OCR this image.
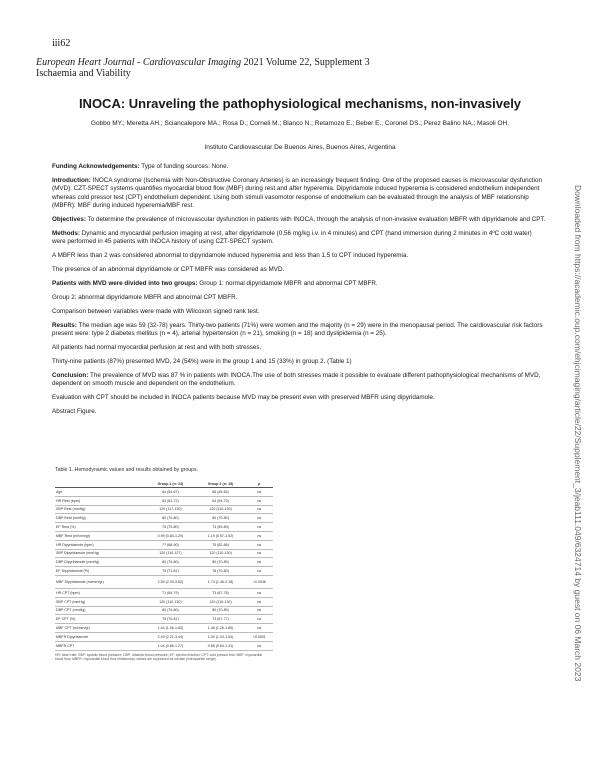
iii62
European Heart Journal - Cardiovascular Imaging 2021 Volume 22, Supplement 3
Ischaemia and Viability
INOCA: Unraveling the pathophysiological mechanisms, non-invasively
Gobbo MY.; Meretta AH.; Sciancalepore MA.; Rosa D.; Corneli M.; Blanco N.; Retamozo E.; Beber E.; Coronel DS.; Perez Balino NA.; Masoli OH.
Instituto Cardiovascular De Buenos Aires, Buenos Aires, Argentina

Funding Acknowledgements: Type of funding sources: None.

Introduction: INOCA syndrome (Ischemia with Non-Obstructive Coronary Arteries) is an increasingly frequent finding. One of the proposed causes is microvascular dysfunction (MVD). CZT-SPECT systems quantifies myocardial blood flow (MBF) during rest and after hyperemia. Dipyridamole induced hyperemia is considered endothelium independent whereas cold pressor test (CPT) endothelium dependent. Using both stimuli vasomotor response of endothelium can be evaluated through the analysis of MBF relationship (MBFR): MBF during induced hyperemia/MBF rest.

Objectives: To determine the prevalence of microvascular dysfunction in patients with INOCA, through the analysis of non-invasive evaluation MBFR with dipyridamole and CPT.

Methods: Dynamic and myocardial perfusion imaging at rest, after dipyridamole (0,56 mg/kg i.v. in 4 minutes) and CPT (hand immersion during 2 minutes in 4ºC cold water) were performed in 45 patients with INOCA history of using CZT-SPECT system.

A MBFR less than 2 was considered abnormal to dipyridamole induced hyperemia and less than 1.5 to CPT induced hyperemia.

The presence of an abnormal dipyridamole or CPT MBFR was considered as MVD.

Patients with MVD were divided into two groups: Group 1: normal dipyridamole MBFR and abnormal CPT MBFR.

Group 2: abnormal dipyridamole MBFR and abnormal CPT MBFR.

Comparison between variables were made with Wilcoxon signed rank test.

Results: The median age was 59 (32-78) years. Thirty-two patients (71%) were women and the majority (n = 29) were in the menopausal period. The cardiovascular risk factors present were: type 2 diabetes mellitus (n = 4), arterial hypertension (n = 21), smoking (n = 18) and dyslipidemia (n = 25).

All patients had normal myocardial perfusion at rest and with both stresses.

Thirty-nine patients (87%) presented MVD, 24 (54%) were in the group 1 and 15 (33%) in group 2. (Table 1)

Conclusion: The prevalence of MVD was 87 % in patients with INOCA.The use of both stresses made it possible to evaluate different pathophysiological mechanisms of MVD, dependent on smooth muscle and dependent on the endothelium.

Evaluation with CPT should be included in INOCA patients because MVD may be present even with preserved MBFR using dipyridamole.

Abstract Figure.	Downloaded from https://academic.oup.com/ehjcimaging/article/22/Supplement_3/jeab111.049/6324714 by guest on 06 March 2023
Table 1. Hemodynamic values and results obtained by groups.
	Group 1 (n: 24)	Group 2 (n: 15)	p
Age	64 (54-67)	56 (45-64)	ns
HR Rest (bpm)	63 (61-72)	64 (54-70)	ns
SBP Rest (mmHg)	120 (117-130)	120 (110-130)	ns
DBP Rest (mmHg)	80 (70-80)	80 (70-80)	ns
EF Rest (%)	75 (70-80)	74 (69-80)	ns
MBF Rest (ml/min/gr)	0.99 (0.84-1.29)	1.19 (0.97-1.52)	ns
HR Dipyridamole (bpm)	77 (68-90)	75 (62-86)	ns
SBP Dipyridamole (mmHg)	120 (110-127)	120 (110-130)	ns
DBP Dipyridamole (mmHg)	80 (70-80)	80 (70-80)	ns
EF Dipyridamole (%)	75 (71-81)	78 (70-80)	ns
MBF Dipyridamole (ml/min/gr)	2.59 (2.33-3.82)	1.74 (1.45-2.18)	<0.0036
HR CPT (bpm)	71 (64-79)	73 (67-76)	ns
SBP CPT (mmHg)	120 (110-130)	120 (110-130)	ns
DBP CPT (mmHg)	80 (70-80)	80 (70-80)	ns
EF CPT (%)	75 (70-81)	73 (67-77)	ns
MBF CPT (ml/min/gr)	1.44 (1.06-1.83)	1.46 (1.26-1.80)	ns
MBFR Dipyridamole	2.49 (2.21-3.44)	1.39 (1.03-1.54)	<0.0001
MBFR CPT	1.04 (0.86-1.27)	0.85 (0.64-1.31)	ns
HR: heart rate; SBP: systolic blood pressure; DBP: diastolic blood pressure; EF: ejection fraction; CPT: cold pressor test; MBF: myocardial blood flow; MBFR: myocardial blood flow relationship; values are expressed as median (interquartile range).
